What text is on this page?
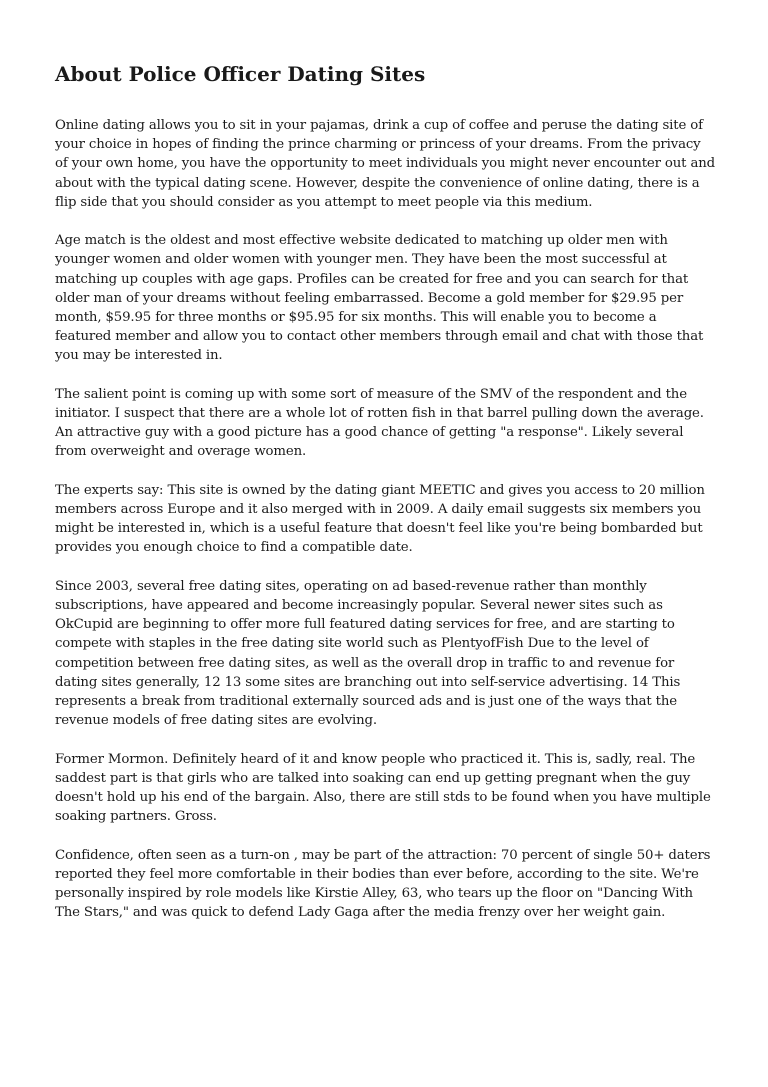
About Police Officer Dating Sites

Online dating allows you to sit in your pajamas, drink a cup of coffee and peruse the dating site of your choice in hopes of finding the prince charming or princess of your dreams. From the privacy of your own home, you have the opportunity to meet individuals you might never encounter out and about with the typical dating scene. However, despite the convenience of online dating, there is a flip side that you should consider as you attempt to meet people via this medium.

Age match is the oldest and most effective website dedicated to matching up older men with younger women and older women with younger men. They have been the most successful at matching up couples with age gaps. Profiles can be created for free and you can search for that older man of your dreams without feeling embarrassed. Become a gold member for $29.95 per month, $59.95 for three months or $95.95 for six months. This will enable you to become a featured member and allow you to contact other members through email and chat with those that you may be interested in.

The salient point is coming up with some sort of measure of the SMV of the respondent and the initiator. I suspect that there are a whole lot of rotten fish in that barrel pulling down the average. An attractive guy with a good picture has a good chance of getting "a response". Likely several from overweight and overage women.

The experts say: This site is owned by the dating giant MEETIC and gives you access to 20 million members across Europe and it also merged with in 2009. A daily email suggests six members you might be interested in, which is a useful feature that doesn't feel like you're being bombarded but provides you enough choice to find a compatible date.

Since 2003, several free dating sites, operating on ad based-revenue rather than monthly subscriptions, have appeared and become increasingly popular. Several newer sites such as OkCupid are beginning to offer more full featured dating services for free, and are starting to compete with staples in the free dating site world such as PlentyofFish Due to the level of competition between free dating sites, as well as the overall drop in traffic to and revenue for dating sites generally, 12 13 some sites are branching out into self-service advertising. 14 This represents a break from traditional externally sourced ads and is just one of the ways that the revenue models of free dating sites are evolving.

Former Mormon. Definitely heard of it and know people who practiced it. This is, sadly, real. The saddest part is that girls who are talked into soaking can end up getting pregnant when the guy doesn't hold up his end of the bargain. Also, there are still stds to be found when you have multiple soaking partners. Gross.

Confidence, often seen as a turn-on , may be part of the attraction: 70 percent of single 50+ daters reported they feel more comfortable in their bodies than ever before, according to the site. We're personally inspired by role models like Kirstie Alley, 63, who tears up the floor on "Dancing With The Stars," and was quick to defend Lady Gaga after the media frenzy over her weight gain.
